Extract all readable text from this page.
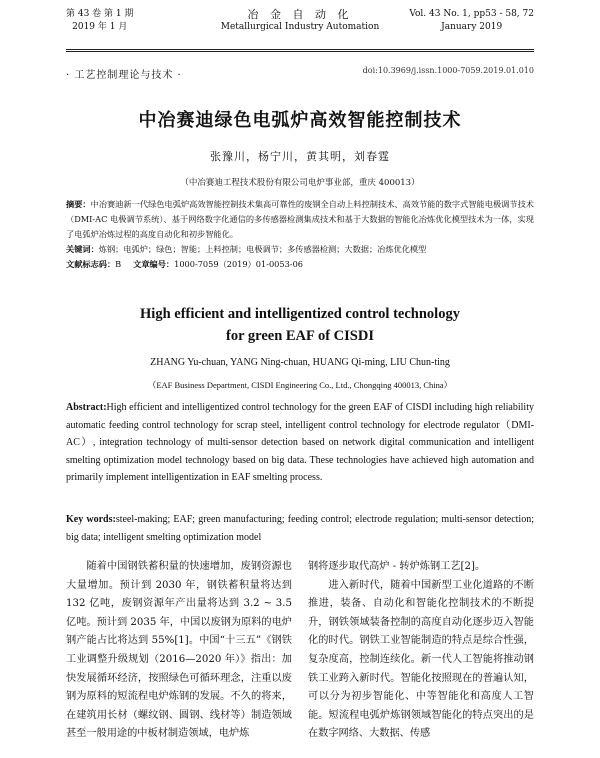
第 43 卷 第 1 期
2019 年 1 月
冶 金 自 动 化
Metallurgical Industry Automation
Vol. 43 No. 1, pp53 - 58, 72
January 2019
· 工艺控制理论与技术 ·	doi:10.3969/j.issn.1000-7059.2019.01.010
中冶赛迪绿色电弧炉高效智能控制技术
张豫川，杨宁川，黄其明，刘春霆
（中冶赛迪工程技术股份有限公司电炉事业部，重庆 400013）
摘要：中冶赛迪新一代绿色电弧炉高效智能控制技术集高可靠性的废钢全自动上料控制技术、高效节能的数字式智能电极调节技术（DMI-AC 电极调节系统）、基于网络数字化通信的多传感器检测集成技术和基于大数据的智能化冶炼优化模型技术为一体，实现了电弧炉冶炼过程的高度自动化和初步智能化。
关键词：炼钢；电弧炉；绿色；智能；上料控制；电极调节；多传感器检测；大数据；冶炼优化模型
文献标志码：B 文章编号：1000-7059（2019）01-0053-06
High efficient and intelligentized control technology
for green EAF of CISDI
ZHANG Yu-chuan, YANG Ning-chuan, HUANG Qi-ming, LIU Chun-ting
（EAF Business Department, CISDI Engineering Co., Ltd., Chongqing 400013, China）
Abstract:High efficient and intelligentized control technology for the green EAF of CISDI including high reliability automatic feeding control technology for scrap steel, intelligent control technology for electrode regulator（DMI-AC）, integration technology of multi-sensor detection based on network digital communication and intelligent smelting optimization model technology based on big data. These technologies have achieved high automation and primarily implement intelligentization in EAF smelting process.
Key words:steel-making; EAF; green manufacturing; feeding control; electrode regulation; multi-sensor detection; big data; intelligent smelting optimization model

随着中国钢铁蓄积量的快速增加，废钢资源也大量增加。预计到 2030 年，钢铁蓄积量将达到 132 亿吨，废钢资源年产出量将达到 3.2 ~ 3.5 亿吨。预计到 2035 年，中国以废钢为原料的电炉钢产能占比将达到 55%[1]。中国“十三五”《钢铁工业调整升级规划（2016—2020 年）》指出：加快发展循环经济，按照绿色可循环理念，注重以废钢为原料的短流程电炉炼钢的发展。不久的将来，在建筑用长材（螺纹钢、圆钢、线材等）制造领域甚至一般用途的中板材制造领域，电炉炼

钢将逐步取代高炉 - 转炉炼钢工艺[2]。

进入新时代，随着中国新型工业化道路的不断推进，装备、自动化和智能化控制技术的不断提升，钢铁领域装备控制的高度自动化逐步迈入智能化的时代。钢铁工业智能制造的特点是综合性强，复杂度高，控制连续化。新一代人工智能将推动钢铁工业跨入新时代。智能化按照现在的普遍认知，可以分为初步智能化、中等智能化和高度人工智能。短流程电弧炉炼钢领域智能化的特点突出的是在数字网络、大数据、传感
